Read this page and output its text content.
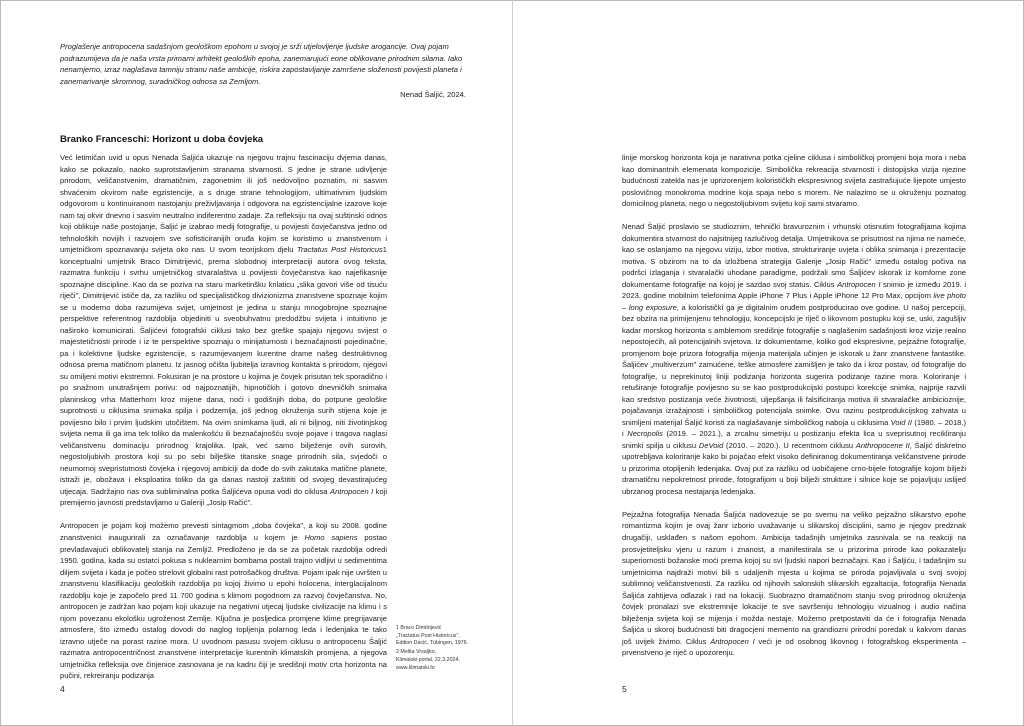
Proglašenje antropocena sadašnjom geološkom epohom u svojoj je srži utjelovljenje ljudske arogancije. Ovaj pojam podrazumijeva da je naša vrsta primarni arhitekt geoloških epoha, zanemarujući eone oblikovane prirodnim silama. Iako nenamjerno, izraz naglašava tamniju stranu naše ambicije, riskira zapostavljanje zamršene složenosti povijesti planeta i zanemarivanje skromnog, suradničkog odnosa sa Zemljom.
Nenad Šaljić, 2024.
Branko Franceschi: Horizont u doba čovjeka

Već letimičan uvid u opus Nenada Šaljića ukazuje na njegovu trajnu fascinaciju dvjema danas, kako se pokazalo, naoko suprotstavljenim stranama stvarnosti. S jedne je strane udivljenje prirodom, veličanstvenim, dramatičnim, zagonetnim ili još nedovoljno poznatim, ni sasvim shvaćenim okvirom naše egzistencije, a s druge strane tehnologijom, ultimativnim ljudskim odgovorom u kontinuiranom nastojanju preživljavanja i odgovora na egzistencijalne izazove koje nam taj okvir dnevno i sasvim neutralno indiferentno zadaje. Za refleksiju na ovaj suštinski odnos koji oblikuje naše postojanje, Šaljić je izabrao medij fotografije, u povijesti čovječanstva jedno od tehnoloških novijih i razvojem sve sofisticiranijih oruđa kojim se koristimo u znanstvenom i umjetničkom spoznavanju svijeta oko nas. U svom teorijskom djelu Tractatus Post Historicus1 konceptualni umjetnik Braco Dimitrijević, prema slobodnoj interpretaciji autora ovog teksta, razmatra funkciju i svrhu umjetničkog stvaralaštva u povijesti čovječanstva kao najefikasnije spoznajne discipline. Kao da se poziva na staru marketinšku krilaticu „slika govori više od tisuću riječi", Dimitrijević ističe da, za razliku od specijalističkog divizionizma znanstvene spoznaje kojim se u moderno doba razumijeva svijet, umjetnost je jedina u stanju mnogobrojne spoznajne perspektive referentnog razdoblja objediniti u sveobuhvatnu predodžbu svijeta i intuitivno je naširoko komunicirati. Šaljićevi fotografski ciklusi tako bez greške spajaju njegovu svijest o majestetičnosti prirode i iz te perspektive spoznaju o minijaturnosti i beznačajnosti pojedinačne, pa i kolektivne ljudske egzistencije, s razumijevanjem kurentne drame našeg destruktivnog odnosa prema matičnom planetu. Iz jasnog očišta ljubitelja izravnog kontakta s prirodom, njegovi su omiljeni motivi ekstremni. Fokusiran je na prostore u kojima je čovjek prisutan tek sporadično i po snažnom unutrašnjem porivu: od najpoznatijih, hipnotičkih i gotovo dnevničkih snimaka planinskog vrha Matterhorn kroz mijene dana, noći i godišnjih doba, do potpune geološke suprotnosti u ciklusima snimaka spilja i podzemlja, još jednog okruženja surih stijena koje je povijesno bilo i prvim ljudskim utočištem. Na ovim snimkama ljudi, ali ni biljnog, niti životinjskog svijeta nema ili ga ima tek toliko da malenkošću ili beznačajnošću svoje pojave i tragova naglasi veličanstvenu dominaciju prirodnog krajolika. Ipak, već samo bilježenje ovih surovih, negostoljubivih prostora koji su po sebi bilješke titanske snage prirodnih sila, svjedoči o neumornoj svepristutnosti čovjeka i njegovoj ambiciji da dođe do svih zakutaka matične planete, istraži je, obožava i eksploatira toliko da ga danas nastoji zaštititi od svojeg devastirajućeg utjecaja. Sadržajno nas ova subliminalna potka Šaljićeva opusa vodi do ciklusa Antropocen I koji premijerno javnosti predstavljamo u Galeriji „Josip Račić".

Antropocen je pojam koji možemo prevesti sintagmom „doba čovjeka", a koji su 2008. godine znanstvenici inaugurirali za označavanje razdoblja u kojem je Homo sapiens postao prevladavajući oblikovatelj stanja na Zemlji2. Predloženo je da se za početak razdoblja odredi 1950. godina, kada su ostatci pokusa s nuklearnim bombama postali trajno vidljivi u sedimentima diljem svijeta i kada je počeo strelovit globalni rast potrošačkog društva. Pojam ipak nije uvršten u znanstvenu klasifikaciju geoloških razdoblja po kojoj živimo u epohi holocena, interglacijalnom razdoblju koje je započelo pred 11 700 godina s klimom pogodnom za razvoj čovječanstva. No, antropocen je zadržan kao pojam koji ukazuje na negativni utjecaj ljudske civilizacije na klimu i s njom povezanu ekološku ugroženost Zemlje. Ključna je posljedica promjene klime pregrijavanje atmosfere, što između ostalog dovodi do naglog topljenja polarnog leda i ledenjaka te tako izravno utječe na porast razine mora. U uvodnom pasusu svojem ciklusu o antropocenu Šaljić razmatra antropocentričnost znanstvene interpretacije kurentnih klimatskih promjena, a njegova umjetnička refleksija ove činjenice zasnovana je na kadru čiji je središnji motiv crta horizonta na pučini, rekreiranju podizanja

1 Braco Dimitrijević
„Tractatus Post Historicus",
Edition Dacić, Tübingen, 1976.
2 Melita Vrsaljko,
Klimatski portal, 22.3.2024.
www.klimatski.hr

linije morskog horizonta koja je narativna potka cjeline ciklusa i simboličkoj promjeni boja mora i neba kao dominantnih elemenata kompozicije. Simbolička rekreacija stvarnosti i distopijska vizija njezine budućnosti zatekla nas je uprizorenjem kolorističkih ekspresivnog svijeta zastrašujuće lijepote umjesto poslovičnog monokroma modrine koja spaja nebo s morem. Ne nalazimo se u okruženju poznatog domicilnog planeta, nego u negostoljubivom svijetu koji sami stvaramo.

Nenad Šaljić proslavio se studioznim, tehnički bravuroznim i vrhunski otisnutim fotografijama kojima dokumentira stvarnost do najsitnijeg razlučivog detalja. Umjetnikova se prisutnost na njima ne namеće, kao se oslanjamo na njegovu viziju, izbor motiva, strukturiranje uvjeta i oblika snimanja i prezentacije motiva. S obzirom na to da izložbena strategija Galerije „Josip Račić" između ostalog počiva na podršci izlaganja i stvaralački uhodane paradigme, podržali smo Šaljićev iskorak iz komforne zone dokumentarne fotografije na kojoj je sazdao svoj status. Ciklus Antropocen I snimio je između 2019. i 2023. godine mobilnim telefonima Apple iPhone 7 Plus i Apple iPhone 12 Pro Max, opcijom live photo – long exposure, a kolorističkî ga je digitalnim oruđem postproducirao ove godine. U našoj percepciji, bez obzira na primijenjenu tehnologiju, koncepcijski je riječ o likovnom postupku koji se, uski, zagušljiv kadar morskog horizonta s amblemom središnje fotografije s naglašenim sadašnjosti kroz vizije realno nepostojećih, ali potencijalnih svjetova. Iz dokumentarne, koliko god ekspresivne, pejzažne fotografije, promjenom boje prizora fotografija mijenja materijala učinjen je iskorak u žanr znanstvene fantastike. Šaljićev „multiverzum" zamućene, teške atmosfere zamišljen je tako da i kroz postav, od fotografije do fotografije, u neprekinutoj liniji podizanja horizonta sugerira podizanje razine mora. Koloriranje i retuširanje fotografije povijesno su se kao postprodukcijski postupci korekcije snimka, najprije razvili kao sredstvo postizanja veće životnosti, uljepšanja ili falsificiranja motiva ili stvaralačke ambicioznije, pojačavanja izražajnosti i simboličkog potencijala snimke. Ovu razinu postprodukcijskog zahvata u snimljeni materijal Šaljić koristi za naglašavanje simboličkog naboja u ciklusima Void II (1980. – 2018.) i Necropolis (2019. – 2021.), a zrcalnu simetriju u postizanju efekta lica u sveprisutnoj recikliranju snimki spilja u ciklusu DeVoid (2010. – 2020.). U recentnom ciklusu Anthropocene II, Šaljić diskretno upotrebljava koloriranje kako bi pojačao efekt visoko definiranog dokumentiranja veličanstvene prirode u prizorima otopljenih ledenjaka. Ovaj put za razliku od uobičajene crno-bijele fotografije kojom bilježi dramatičnu nepokretnost prirode, fotografijom u boji bilježi strukture i silnice koje se pojavljuju uslijed ubrzanog procesa nestajanja ledenjaka.

Pejzažna fotografija Nenada Šaljića nadovezuje se po svemu na veliko pejzažno slikarstvo epohe romantizma kojim je ovaj žanr izborio uvažavanje u slikarskoj disciplini, samo je njegov predznak drugačiji, usklađen s našom epohom. Ambicija tadašnjih umjetnika zasnivala se na reakciji na prosvjetiteljsku vjeru u razum i znanost, a manifestirala se u prizorima prirode kao pokazatelju superiornosti božanske moći prema kojoj su svi ljudski napori beznačajni. Kao i Šaljiću, i tadašnjim su umjetnicima najdraži motivi bili s udaljenih mjesta u kojima se priroda pojavljivala u svoj svojoj sublimnoj veličanstvenosti. Za razliku od njihovih salonskih slikarskih egzaltacija, fotografija Nenada Šaljića zahtijeva odlazak i rad na lokaciji. Suobrazno dramatičnom stanju svog prirodnog okruženja čovjek pronalazi sve ekstremnije lokacije te sve savršeniju tehnologiju vizualnog i audio načina bilježenja svijeta koji se mijenja i možda nestaje. Možemo pretpostaviti da će i fotografija Nenada Šaljića u skoroj budućnosti biti dragocjeni memento na grandiozni prirodni poredak u kakvom danas još uvijek živimo. Ciklus Antropocen I veći je od osobnog likovnog i fotografskog eksperimenta – prvenstveno je riječ o upozorenju.

4	5
